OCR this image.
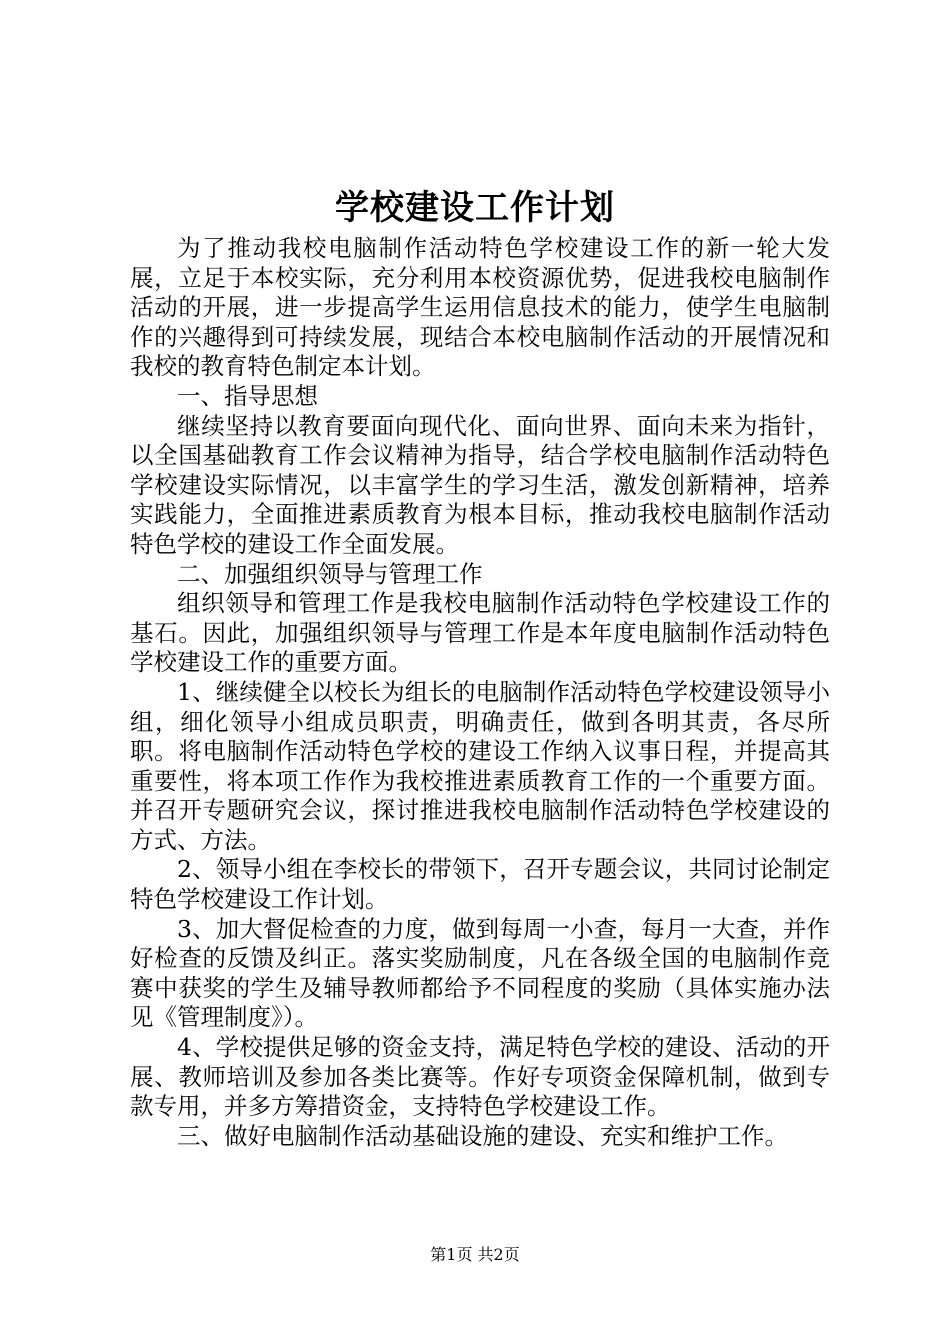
学校建设工作计划

为了推动我校电脑制作活动特色学校建设工作的新一轮大发展，立足于本校实际，充分利用本校资源优势，促进我校电脑制作活动的开展，进一步提高学生运用信息技术的能力，使学生电脑制作的兴趣得到可持续发展，现结合本校电脑制作活动的开展情况和我校的教育特色制定本计划。

一、指导思想

继续坚持以教育要面向现代化、面向世界、面向未来为指针，以全国基础教育工作会议精神为指导，结合学校电脑制作活动特色学校建设实际情况，以丰富学生的学习生活，激发创新精神，培养实践能力，全面推进素质教育为根本目标，推动我校电脑制作活动特色学校的建设工作全面发展。

二、加强组织领导与管理工作

组织领导和管理工作是我校电脑制作活动特色学校建设工作的基石。因此，加强组织领导与管理工作是本年度电脑制作活动特色学校建设工作的重要方面。

1、继续健全以校长为组长的电脑制作活动特色学校建设领导小组，细化领导小组成员职责，明确责任，做到各明其责，各尽所职。将电脑制作活动特色学校的建设工作纳入议事日程，并提高其重要性，将本项工作作为我校推进素质教育工作的一个重要方面。并召开专题研究会议，探讨推进我校电脑制作活动特色学校建设的方式、方法。

2、领导小组在李校长的带领下，召开专题会议，共同讨论制定特色学校建设工作计划。

3、加大督促检查的力度，做到每周一小查，每月一大查，并作好检查的反馈及纠正。落实奖励制度，凡在各级全国的电脑制作竞赛中获奖的学生及辅导教师都给予不同程度的奖励（具体实施办法见《管理制度》）。

4、学校提供足够的资金支持，满足特色学校的建设、活动的开展、教师培训及参加各类比赛等。作好专项资金保障机制，做到专款专用，并多方筹措资金，支持特色学校建设工作。

三、做好电脑制作活动基础设施的建设、充实和维护工作。

第1页 共2页
